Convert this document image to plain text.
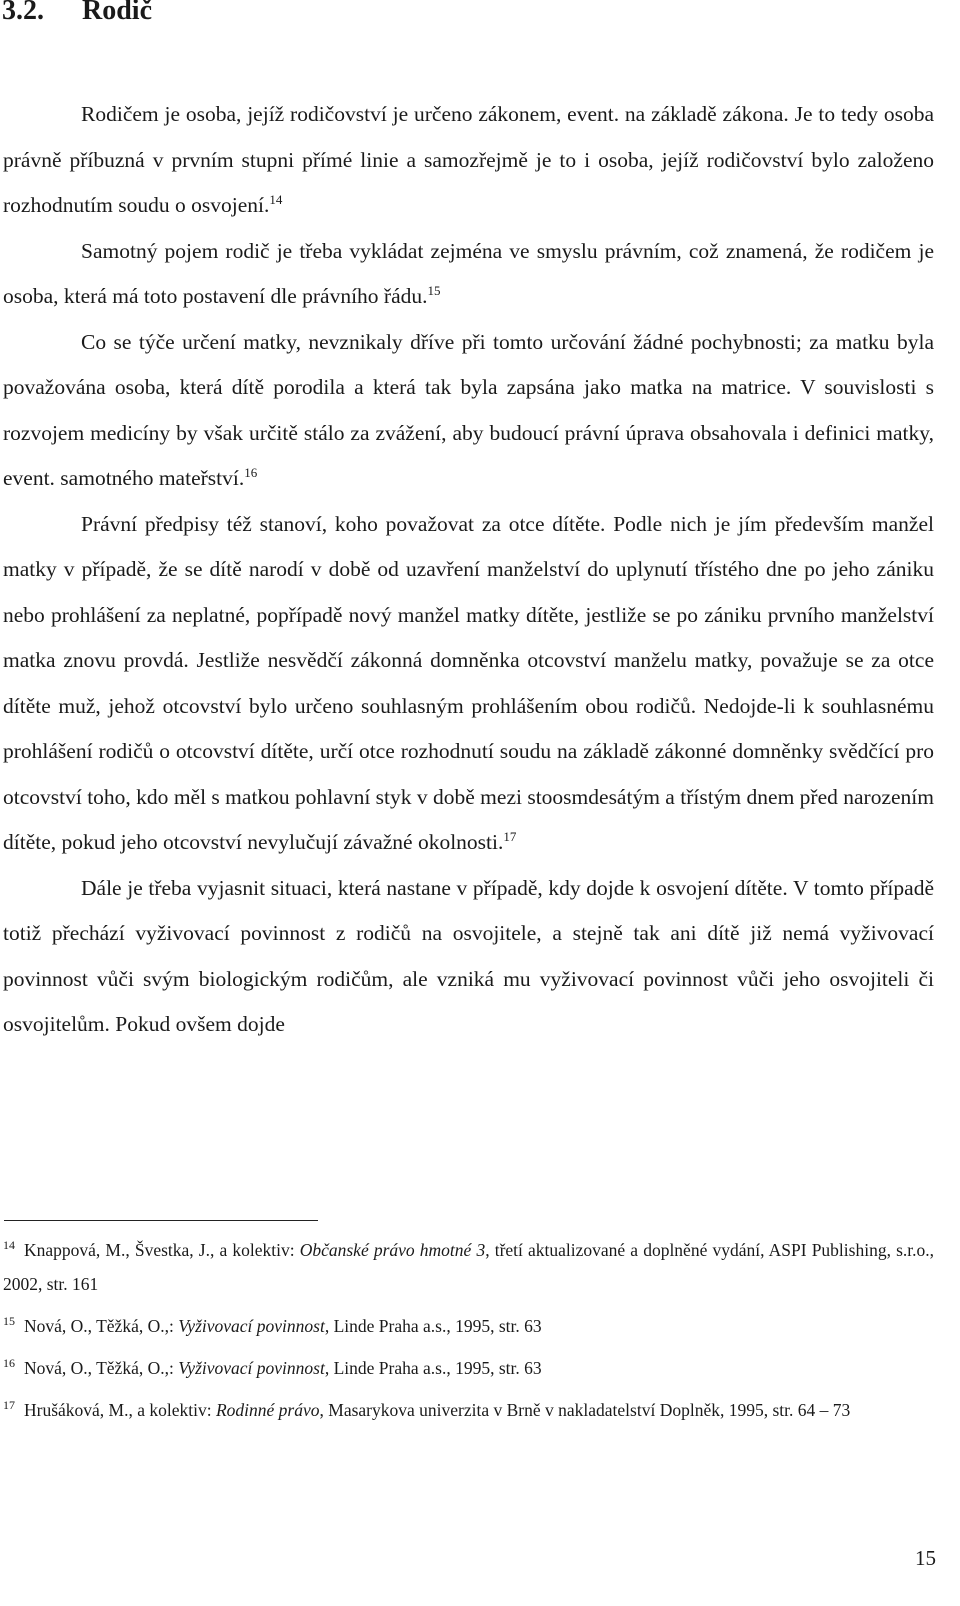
3.2. Rodič

Rodičem je osoba, jejíž rodičovství je určeno zákonem, event. na základě zákona. Je to tedy osoba právně příbuzná v prvním stupni přímé linie a samozřejmě je to i osoba, jejíž rodičovství bylo založeno rozhodnutím soudu o osvojení.$^{14}$

Samotný pojem rodič je třeba vykládat zejména ve smyslu právním, což znamená, že rodičem je osoba, která má toto postavení dle právního řádu.$^{15}$

Co se týče určení matky, nevznikaly dříve při tomto určování žádné pochybnosti; za matku byla považována osoba, která dítě porodila a která tak byla zapsána jako matka na matrice. V souvislosti s rozvojem medicíny by však určitě stálo za zvážení, aby budoucí právní úprava obsahovala i definici matky, event. samotného mateřství.$^{16}$

Právní předpisy též stanoví, koho považovat za otce dítěte. Podle nich je jím především manžel matky v případě, že se dítě narodí v době od uzavření manželství do uplynutí třístého dne po jeho zániku nebo prohlášení za neplatné, popřípadě nový manžel matky dítěte, jestliže se po zániku prvního manželství matka znovu provdá. Jestliže nesvědčí zákonná domněnka otcovství manželu matky, považuje se za otce dítěte muž, jehož otcovství bylo určeno souhlasným prohlášením obou rodičů. Nedojde-li k souhlasnému prohlášení rodičů o otcovství dítěte, určí otce rozhodnutí soudu na základě zákonné domněnky svědčící pro otcovství toho, kdo měl s matkou pohlavní styk v době mezi stoosmdesátým a třístým dnem před narozením dítěte, pokud jeho otcovství nevylučují závažné okolnosti.$^{17}$

Dále je třeba vyjasnit situaci, která nastane v případě, kdy dojde k osvojení dítěte. V tomto případě totiž přechází vyživovací povinnost z rodičů na osvojitele, a stejně tak ani dítě již nemá vyživovací povinnost vůči svým biologickým rodičům, ale vzniká mu vyživovací povinnost vůči jeho osvojiteli či osvojitelům. Pokud ovšem dojde

$^{14}$ Knappová, M., Švestka, J., a kolektiv: Občanské právo hmotné 3, třetí aktualizované a doplněné vydání, ASPI Publishing, s.r.o., 2002, str. 161

$^{15}$ Nová, O., Těžká, O.,: Vyživovací povinnost, Linde Praha a.s., 1995, str. 63

$^{16}$ Nová, O., Těžká, O.,: Vyživovací povinnost, Linde Praha a.s., 1995, str. 63

$^{17}$ Hrušáková, M., a kolektiv: Rodinné právo, Masarykova univerzita v Brně v nakladatelství Doplněk, 1995, str. 64 – 73

15
